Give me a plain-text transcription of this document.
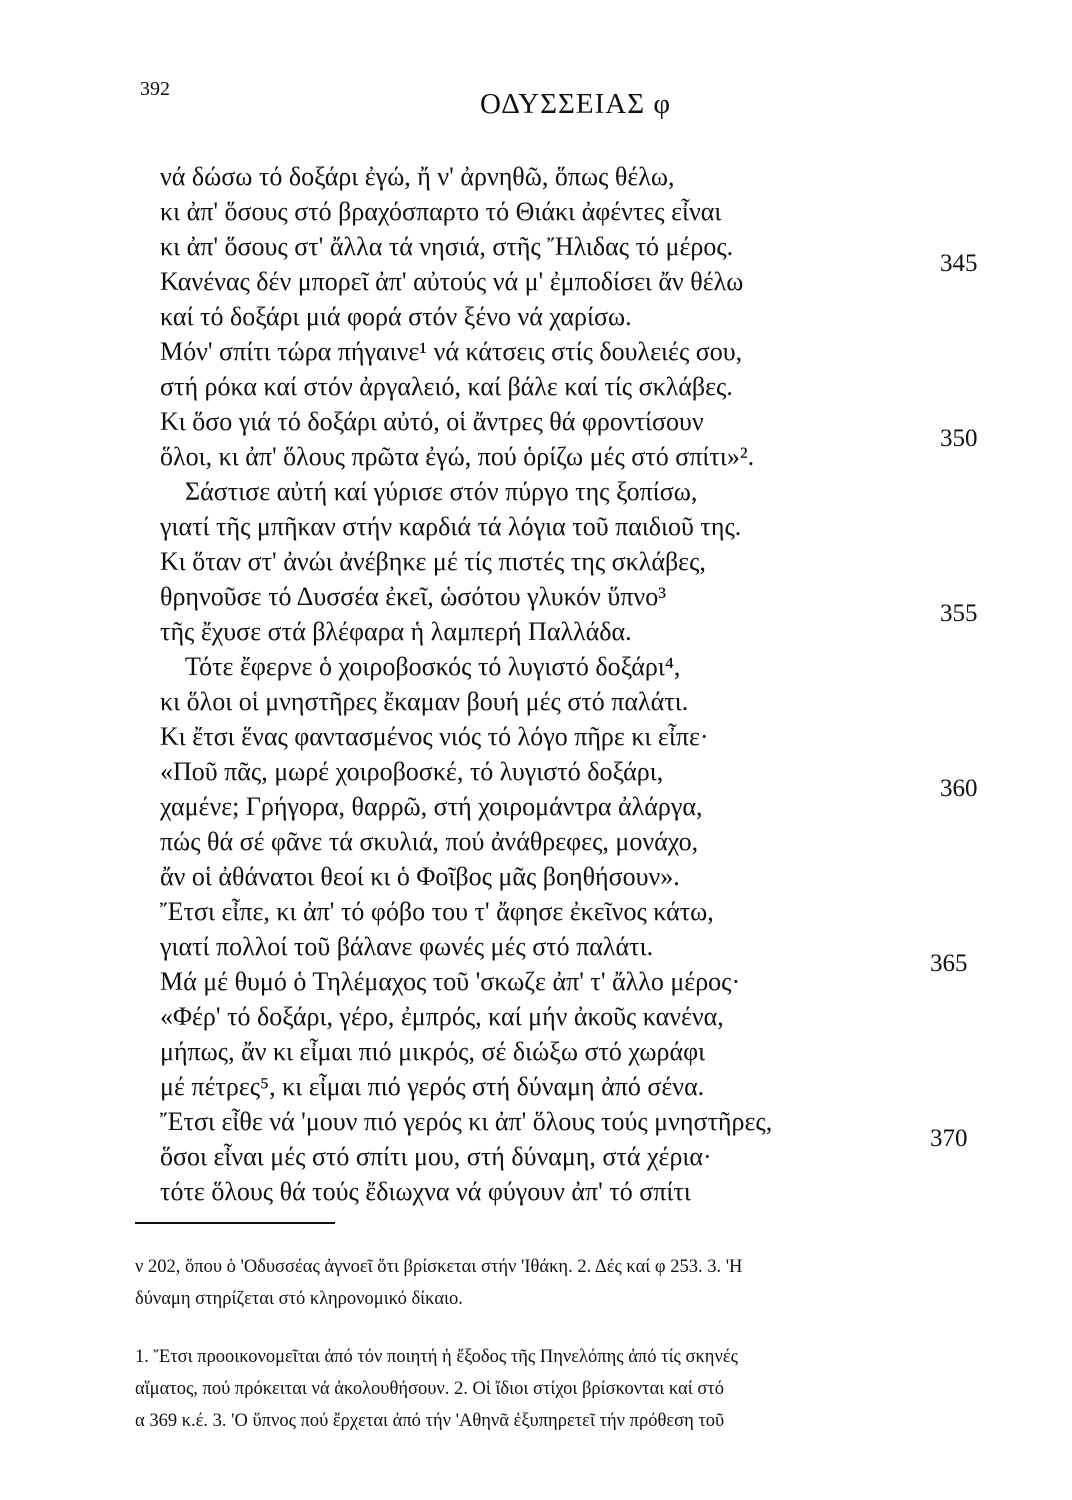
392	ΟΔΥΣΣΕΙΑΣ φ
νά δώσω τό δοξάρι ἐγώ, ἤ ν' ἀρνηθῶ, ὅπως θέλω,
κι ἀπ' ὅσους στό βραχόσπαρτο τό Θιάκι ἀφέντες εἶναι
κι ἀπ' ὅσους στ' ἄλλα τά νησιά, στῆς Ἤλιδας τό μέρος.
Κανένας δέν μπορεῖ ἀπ' αὐτούς νά μ' ἐμποδίσει ἄν θέλω
καί τό δοξάρι μιά φορά στόν ξένο νά χαρίσω.
Μόν' σπίτι τώρα πήγαινε¹ νά κάτσεις στίς δουλειές σου,
στή ρόκα καί στόν ἀργαλειό, καί βάλε καί τίς σκλάβες.
Κι ὅσο γιά τό δοξάρι αὐτό, οἱ ἄντρες θά φροντίσουν
ὅλοι, κι ἀπ' ὅλους πρῶτα ἐγώ, πού ὁρίζω μές στό σπίτι»².
Σάστισε αὐτή καί γύρισε στόν πύργο της ξοπίσω,
γιατί τῆς μπῆκαν στήν καρδιά τά λόγια τοῦ παιδιοῦ της.
Κι ὅταν στ' ἀνώι ἀνέβηκε μέ τίς πιστές της σκλάβες,
θρηνοῦσε τό Δυσσέα ἐκεῖ, ὡσότου γλυκόν ὕπνο³
τῆς ἔχυσε στά βλέφαρα ἡ λαμπερή Παλλάδα.
Τότε ἔφερνε ὁ χοιροβοσκός τό λυγιστό δοξάρι⁴,
κι ὅλοι οἱ μνηστῆρες ἔκαμαν βουή μές στό παλάτι.
Κι ἔτσι ἕνας φαντασμένος νιός τό λόγο πῆρε κι εἶπε·
«Ποῦ πᾶς, μωρέ χοιροβοσκέ, τό λυγιστό δοξάρι,
χαμένε; Γρήγορα, θαρρῶ, στή χοιρομάντρα ἀλάργα,
πώς θά σέ φᾶνε τά σκυλιά, πού ἀνάθρεφες, μονάχο,
ἄν οἱ ἀθάνατοι θεοί κι ὁ Φοῖβος μᾶς βοηθήσουν».
Ἔτσι εἶπε, κι ἀπ' τό φόβο του τ' ἄφησε ἐκεῖνος κάτω,
γιατί πολλοί τοῦ βάλανε φωνές μές στό παλάτι.
Μά μέ θυμό ὁ Τηλέμαχος τοῦ 'σκωζε ἀπ' τ' ἄλλο μέρος·
«Φέρ' τό δοξάρι, γέρο, ἐμπρός, καί μήν ἀκοῦς κανένα,
μήπως, ἄν κι εἶμαι πιό μικρός, σέ διώξω στό χωράφι
μέ πέτρες⁵, κι εἶμαι πιό γερός στή δύναμη ἀπό σένα.
Ἔτσι εἶθε νά 'μουν πιό γερός κι ἀπ' ὅλους τούς μνηστῆρες,
ὅσοι εἶναι μές στό σπίτι μου, στή δύναμη, στά χέρια·
τότε ὅλους θά τούς ἔδιωχνα νά φύγουν ἀπ' τό σπίτι
345
350
355
360
365
370
ν 202, ὅπου ὁ 'Οδυσσέας ἀγνοεῖ ὅτι βρίσκεται στήν 'Ιθάκη. 2. Δές καί φ 253. 3. 'Η
δύναμη στηρίζεται στό κληρονομικό δίκαιο.
1. Ἔτσι προοικονομεῖται ἀπό τόν ποιητή ἡ ἔξοδος τῆς Πηνελόπης ἀπό τίς σκηνές
αἵματος, πού πρόκειται νά ἀκολουθήσουν. 2. Οἱ ἴδιοι στίχοι βρίσκονται καί στό
α 369 κ.έ. 3. 'Ο ὕπνος πού ἔρχεται ἀπό τήν 'Αθηνᾶ ἐξυπηρετεῖ τήν πρόθεση τοῦ
